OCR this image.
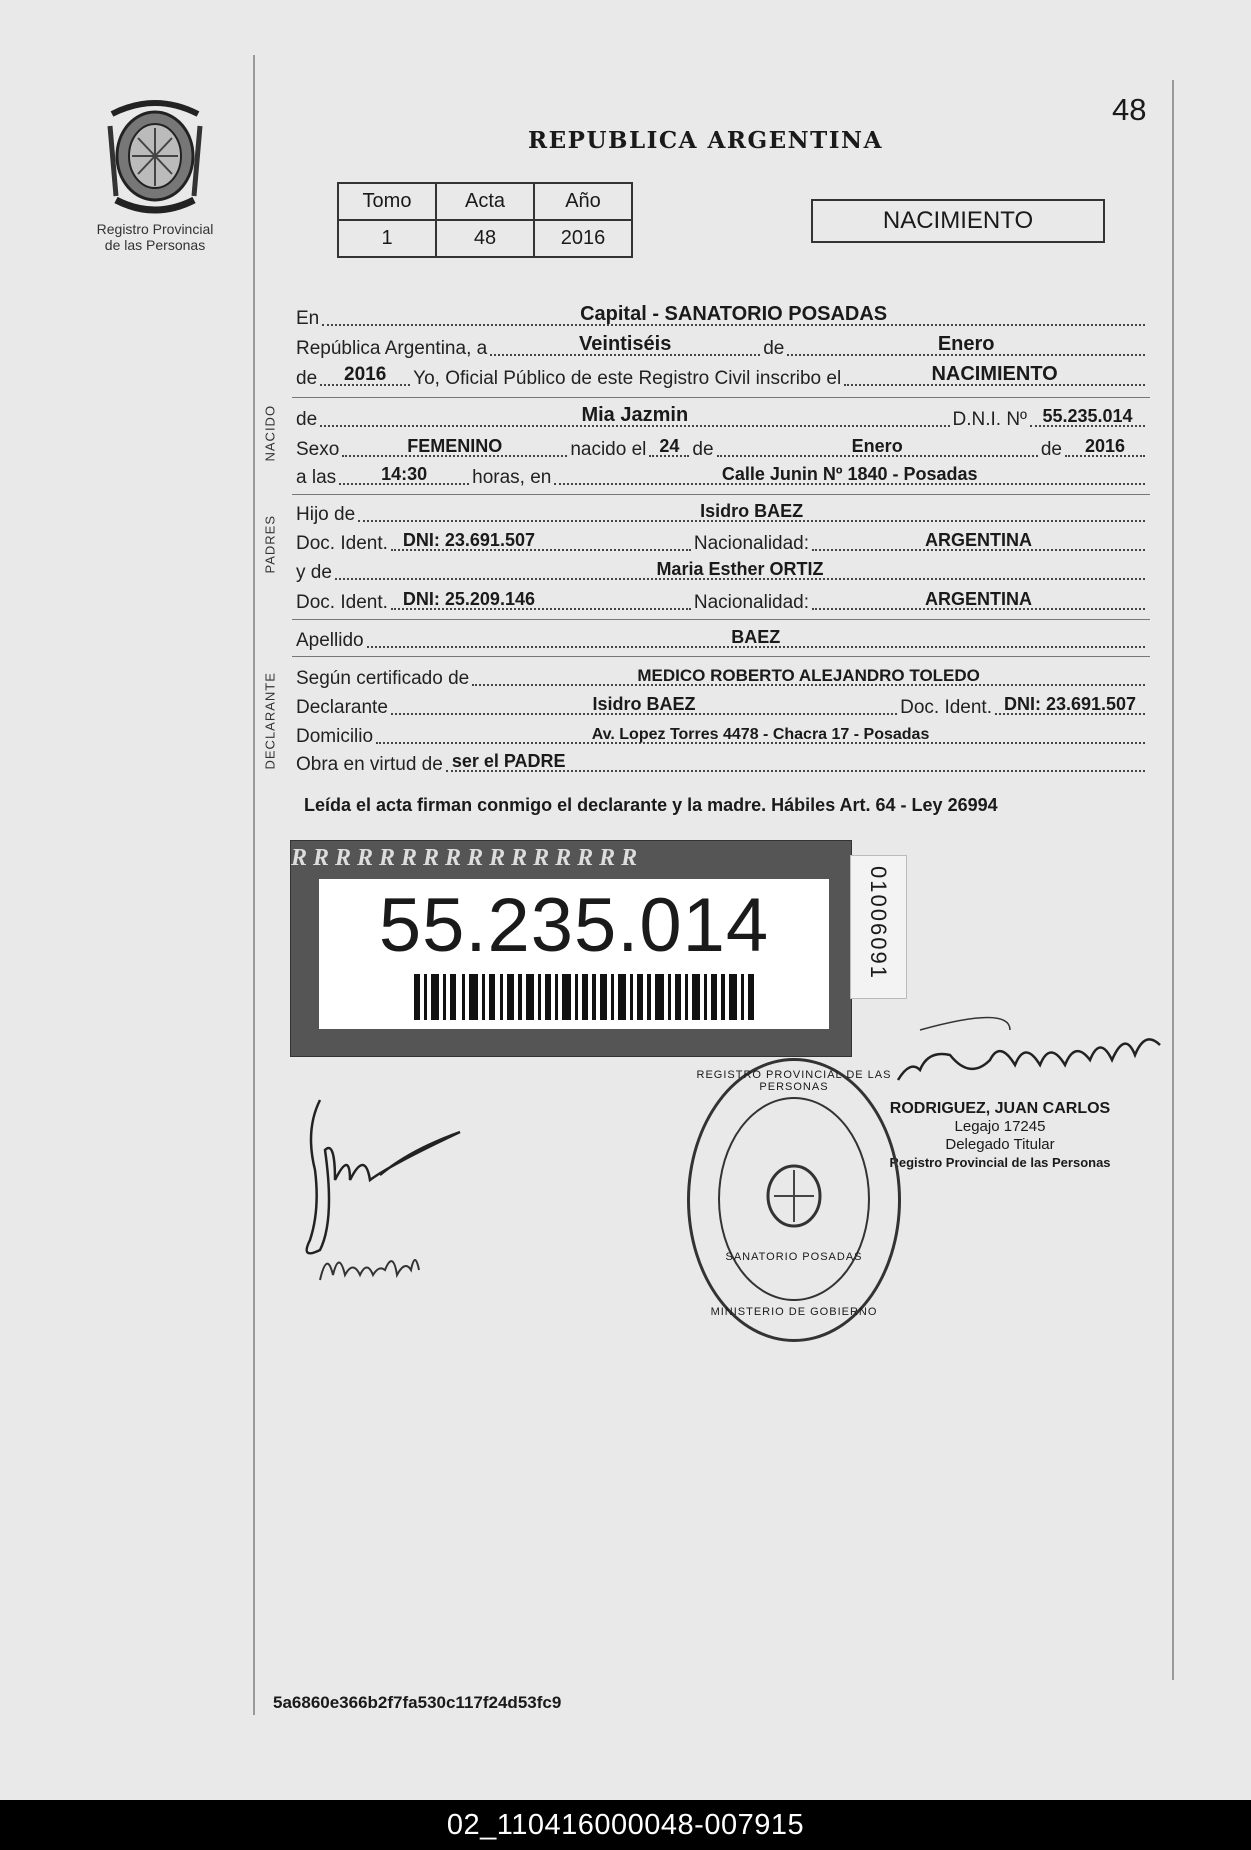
Registro Provincial
de las Personas
48
REPUBLICA ARGENTINA
Tomo	Acta	Año
1	48	2016
NACIMIENTO
NACIDO
PADRES
DECLARANTE
En	Capital - SANATORIO POSADAS
República Argentina, a	Veintiséis	de	Enero
de	2016	Yo, Oficial Público de este Registro Civil inscribo el	NACIMIENTO
de	Mia Jazmin	D.N.I. Nº 55.235.014
Sexo	FEMENINO	nacido el 24 de	Enero	de	2016
a las	14:30	horas, en	Calle Junin Nº 1840 - Posadas
Hijo de	Isidro BAEZ
Doc. Ident. DNI: 23.691.507	Nacionalidad:	ARGENTINA
y de	Maria Esther ORTIZ
Doc. Ident. DNI: 25.209.146	Nacionalidad:	ARGENTINA
Apellido	BAEZ
Según certificado de	MEDICO ROBERTO ALEJANDRO TOLEDO
Declarante	Isidro BAEZ	Doc. Ident. DNI: 23.691.507
Domicilio	Av. Lopez Torres 4478 - Chacra 17 - Posadas
Obra en virtud de ser el PADRE
Leída el acta firman conmigo el declarante y la madre. Hábiles Art. 64 - Ley 26994
RRRRRRRRRRRRRRRR
55.235.014	01006091
RODRIGUEZ, JUAN CARLOS
Legajo 17245
Delegado Titular
Registro Provincial de las Personas
REGISTRO PROVINCIAL DE LAS PERSONAS
SANATORIO POSADAS
MINISTERIO DE GOBIERNO
5a6860e366b2f7fa530c117f24d53fc9
02_110416000048-007915
